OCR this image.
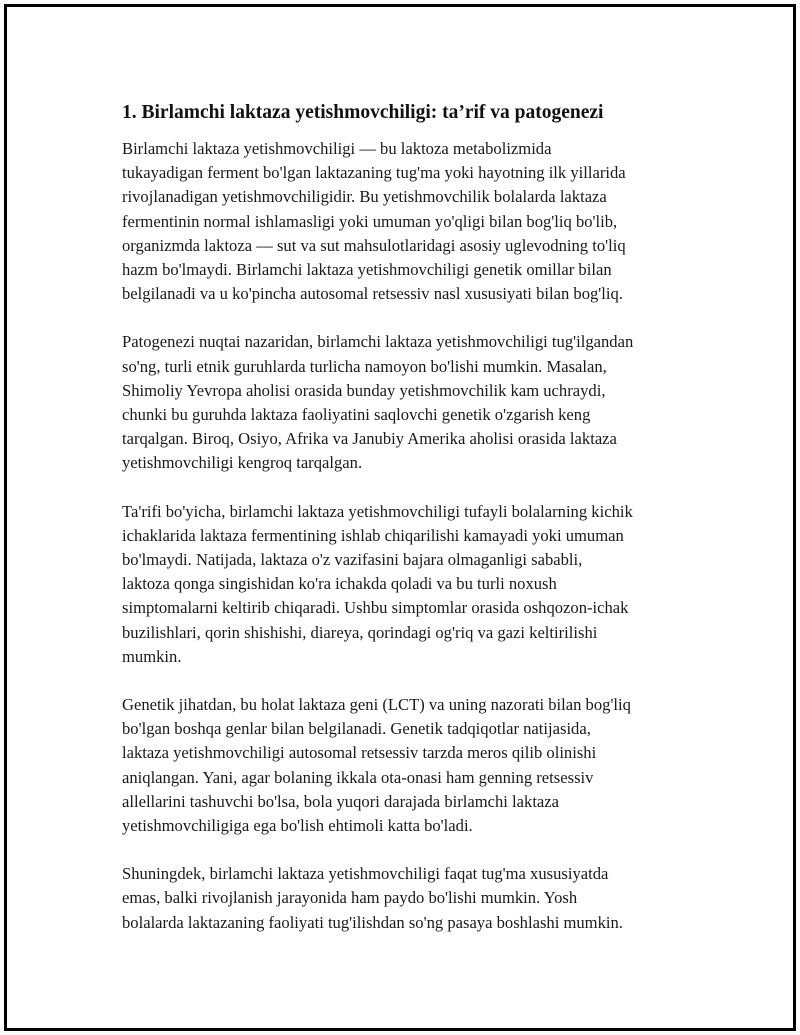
1. Birlamchi laktaza yetishmovchiligi: ta’rif va patogenezi

Birlamchi laktaza yetishmovchiligi — bu laktoza metabolizmida
tukayadigan ferment bo'lgan laktazaning tug'ma yoki hayotning ilk yillarida
rivojlanadigan yetishmovchiligidir. Bu yetishmovchilik bolalarda laktaza
fermentinin normal ishlamasligi yoki umuman yo'qligi bilan bog'liq bo'lib,
organizmda laktoza — sut va sut mahsulotlaridagi asosiy uglevodning to'liq
hazm bo'lmaydi. Birlamchi laktaza yetishmovchiligi genetik omillar bilan
belgilanadi va u ko'pincha autosomal retsessiv nasl xususiyati bilan bog'liq.

Patogenezi nuqtai nazaridan, birlamchi laktaza yetishmovchiligi tug'ilgandan
so'ng, turli etnik guruhlarda turlicha namoyon bo'lishi mumkin. Masalan,
Shimoliy Yevropa aholisi orasida bunday yetishmovchilik kam uchraydi,
chunki bu guruhda laktaza faoliyatini saqlovchi genetik o'zgarish keng
tarqalgan. Biroq, Osiyo, Afrika va Janubiy Amerika aholisi orasida laktaza
yetishmovchiligi kengroq tarqalgan.

Ta'rifi bo'yicha, birlamchi laktaza yetishmovchiligi tufayli bolalarning kichik
ichaklarida laktaza fermentining ishlab chiqarilishi kamayadi yoki umuman
bo'lmaydi. Natijada, laktaza o'z vazifasini bajara olmaganligi sababli,
laktoza qonga singishidan ko'ra ichakda qoladi va bu turli noxush
simptomalarni keltirib chiqaradi. Ushbu simptomlar orasida oshqozon-ichak
buzilishlari, qorin shishishi, diareya, qorindagi og'riq va gazi keltirilishi
mumkin.

Genetik jihatdan, bu holat laktaza geni (LCT) va uning nazorati bilan bog'liq
bo'lgan boshqa genlar bilan belgilanadi. Genetik tadqiqotlar natijasida,
laktaza yetishmovchiligi autosomal retsessiv tarzda meros qilib olinishi
aniqlangan. Yani, agar bolaning ikkala ota-onasi ham genning retsessiv
allellarini tashuvchi bo'lsa, bola yuqori darajada birlamchi laktaza
yetishmovchiligiga ega bo'lish ehtimoli katta bo'ladi.

Shuningdek, birlamchi laktaza yetishmovchiligi faqat tug'ma xususiyatda
emas, balki rivojlanish jarayonida ham paydo bo'lishi mumkin. Yosh
bolalarda laktazaning faoliyati tug'ilishdan so'ng pasaya boshlashi mumkin.
